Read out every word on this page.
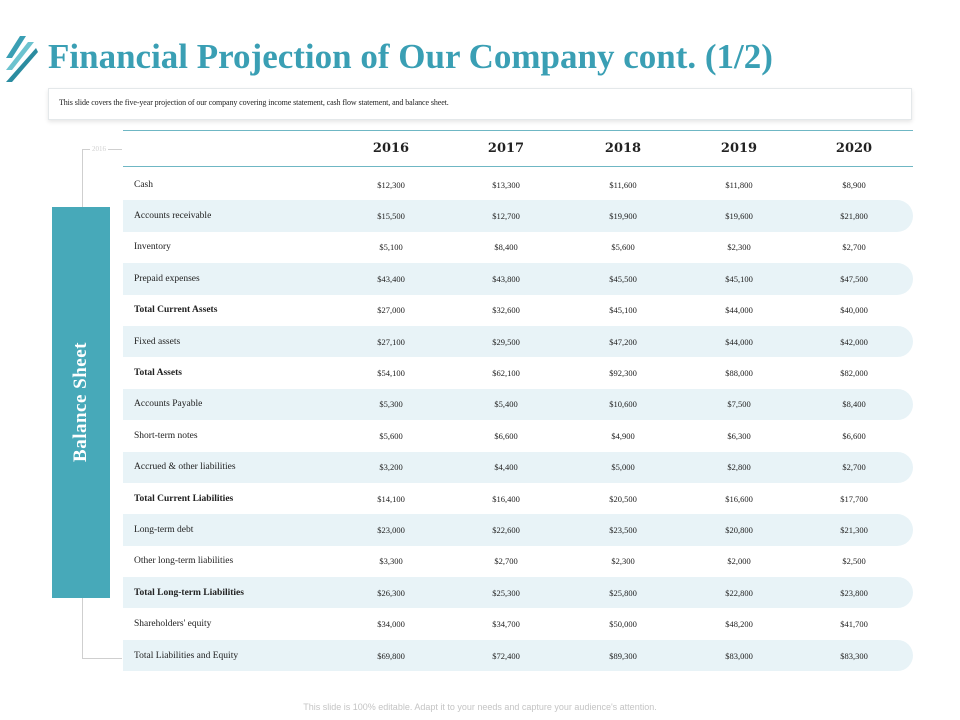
Financial Projection of Our Company cont. (1/2)
This slide covers the five-year projection of our company covering income statement, cash flow statement, and balance sheet.
2016
Balance Sheet
2016	2017	2018	2019	2020
Cash	$12,300	$13,300	$11,600	$11,800	$8,900
Accounts receivable	$15,500	$12,700	$19,900	$19,600	$21,800
Inventory	$5,100	$8,400	$5,600	$2,300	$2,700
Prepaid expenses	$43,400	$43,800	$45,500	$45,100	$47,500
Total Current Assets	$27,000	$32,600	$45,100	$44,000	$40,000
Fixed assets	$27,100	$29,500	$47,200	$44,000	$42,000
Total Assets	$54,100	$62,100	$92,300	$88,000	$82,000
Accounts Payable	$5,300	$5,400	$10,600	$7,500	$8,400
Short-term notes	$5,600	$6,600	$4,900	$6,300	$6,600
Accrued & other liabilities	$3,200	$4,400	$5,000	$2,800	$2,700
Total Current Liabilities	$14,100	$16,400	$20,500	$16,600	$17,700
Long-term debt	$23,000	$22,600	$23,500	$20,800	$21,300
Other long-term liabilities	$3,300	$2,700	$2,300	$2,000	$2,500
Total Long-term Liabilities	$26,300	$25,300	$25,800	$22,800	$23,800
Shareholders' equity	$34,000	$34,700	$50,000	$48,200	$41,700
Total Liabilities and Equity	$69,800	$72,400	$89,300	$83,000	$83,300
This slide is 100% editable. Adapt it to your needs and capture your audience's attention.
